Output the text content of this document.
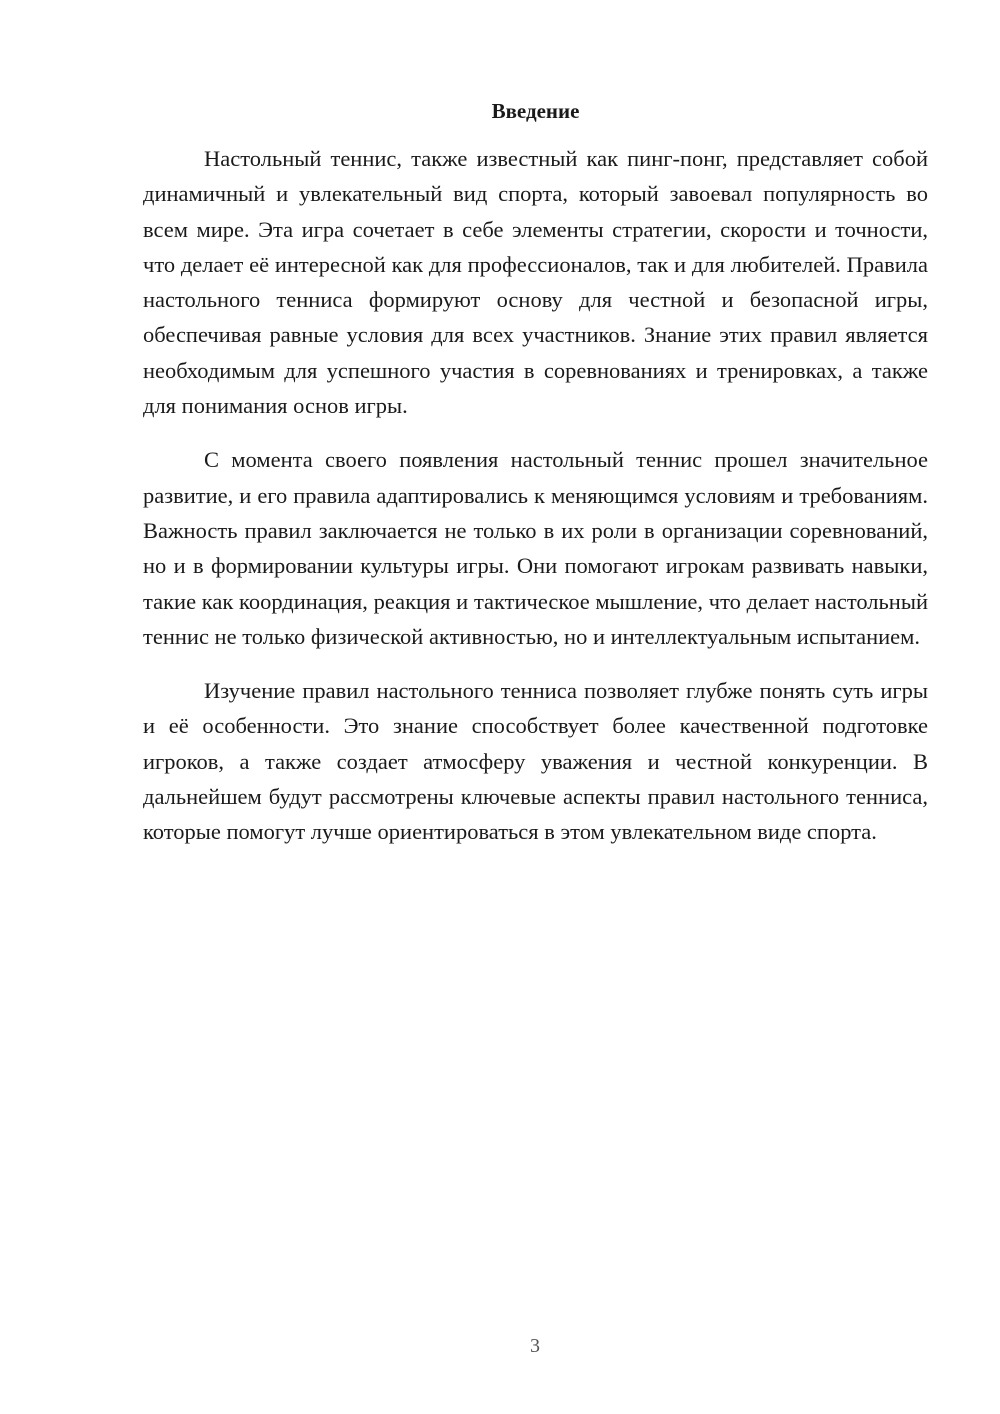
Введение

Настольный теннис, также известный как пинг-понг, представляет собой динамичный и увлекательный вид спорта, который завоевал популярность во всем мире. Эта игра сочетает в себе элементы стратегии, скорости и точности, что делает её интересной как для профессионалов, так и для любителей. Правила настольного тенниса формируют основу для честной и безопасной игры, обеспечивая равные условия для всех участников. Знание этих правил является необходимым для успешного участия в соревнованиях и тренировках, а также для понимания основ игры.

С момента своего появления настольный теннис прошел значительное развитие, и его правила адаптировались к меняющимся условиям и требованиям. Важность правил заключается не только в их роли в организации соревнований, но и в формировании культуры игры. Они помогают игрокам развивать навыки, такие как координация, реакция и тактическое мышление, что делает настольный теннис не только физической активностью, но и интеллектуальным испытанием.

Изучение правил настольного тенниса позволяет глубже понять суть игры и её особенности. Это знание способствует более качественной подготовке игроков, а также создает атмосферу уважения и честной конкуренции. В дальнейшем будут рассмотрены ключевые аспекты правил настольного тенниса, которые помогут лучше ориентироваться в этом увлекательном виде спорта.

3
